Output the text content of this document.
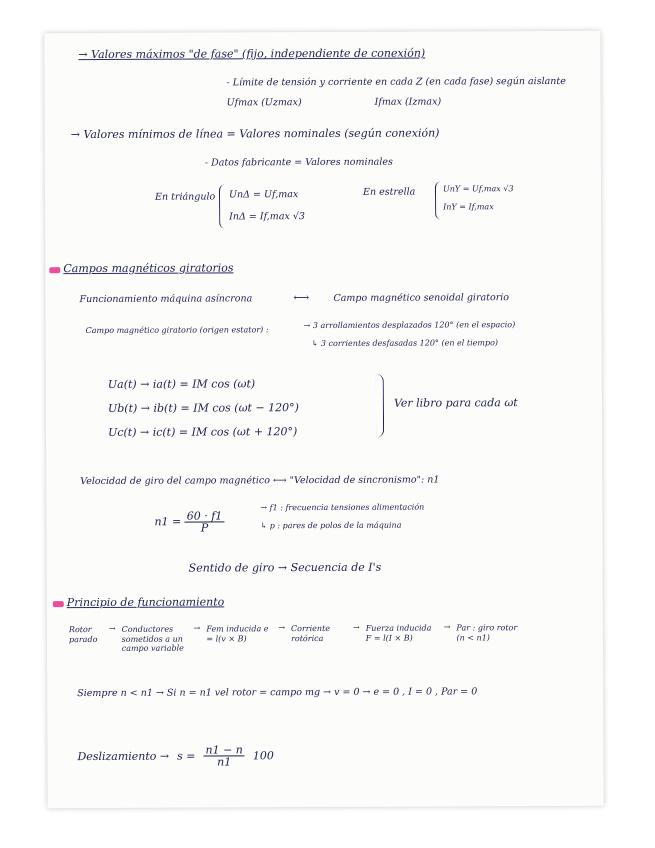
→ Valores máximos "de fase" (fijo, independiente de conexión)
- Límite de tensión y corriente en cada Z (en cada fase) según aislante
Ufmax (Uzmax)	Ifmax (Izmax)
→ Valores mínimos de línea = Valores nominales (según conexión)
- Datos fabricante = Valores nominales
En triángulo UnΔ = Uf,max
InΔ = If,max √3
En estrella	UnY = Uf,max √3
InY = If,max
Campos magnéticos giratorios
Funcionamiento máquina asíncrona	⟷	Campo magnético senoidal giratorio
Campo magnético giratorio (origen estator) :
→ 3 arrollamientos desplazados 120° (en el espacio)
↳ 3 corrientes desfasadas 120° (en el tiempo)
Ua(t) → ia(t) = IM cos (ωt)
Ub(t) → ib(t) = IM cos (ωt − 120°)
Uc(t) → ic(t) = IM cos (ωt + 120°)
Ver libro para cada ωt
Velocidad de giro del campo magnético ⟷ "Velocidad de sincronismo": n1
$n1 = \frac{60 \cdot f1}{P}$
→ f1 : frecuencia tensiones alimentación
↳ p : pares de polos de la máquina
Sentido de giro → Secuencia de I's
Principio de funcionamiento
Rotor parado
→ Conductores sometidos a un campo variable
→ Fem inducida e = l(v × B)
→ Corriente rotórica
→ Fuerza inducida F = l(I × B)
→ Par : giro rotor (n < n1)
Siempre n < n1 → Si n = n1 vel rotor = campo mg → v = 0 → e = 0 , I = 0 , Par = 0
Deslizamiento → $s = \frac{n1 - n}{n1} 100$
